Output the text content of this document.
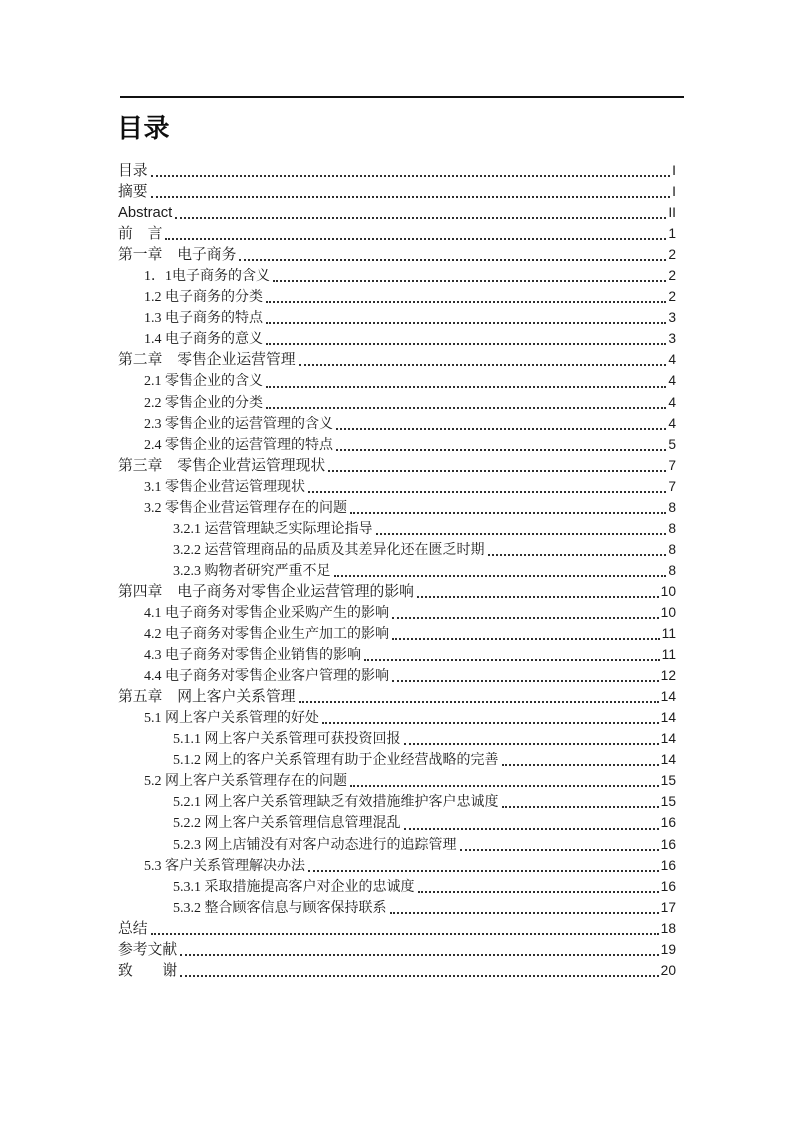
目录
目录	I
摘要	I
Abstract	II
前　言	1
第一章　电子商务	2
1．1电子商务的含义	2
1.2 电子商务的分类	2
1.3 电子商务的特点	3
1.4 电子商务的意义	3
第二章　零售企业运营管理	4
2.1 零售企业的含义	4
2.2 零售企业的分类	4
2.3 零售企业的运营管理的含义	4
2.4 零售企业的运营管理的特点	5
第三章　零售企业营运管理现状	7
3.1 零售企业营运管理现状	7
3.2 零售企业营运管理存在的问题	8
3.2.1 运营管理缺乏实际理论指导	8
3.2.2 运营管理商品的品质及其差异化还在匮乏时期	8
3.2.3 购物者研究严重不足	8
第四章　电子商务对零售企业运营管理的影响	10
4.1 电子商务对零售企业采购产生的影响	10
4.2 电子商务对零售企业生产加工的影响	11
4.3 电子商务对零售企业销售的影响	11
4.4 电子商务对零售企业客户管理的影响	12
第五章　网上客户关系管理	14
5.1 网上客户关系管理的好处	14
5.1.1 网上客户关系管理可获投资回报	14
5.1.2 网上的客户关系管理有助于企业经营战略的完善	14
5.2 网上客户关系管理存在的问题	15
5.2.1 网上客户关系管理缺乏有效措施维护客户忠诚度	15
5.2.2 网上客户关系管理信息管理混乱	16
5.2.3 网上店铺没有对客户动态进行的追踪管理	16
5.3 客户关系管理解决办法	16
5.3.1 采取措施提高客户对企业的忠诚度	16
5.3.2 整合顾客信息与顾客保持联系	17
总结	18
参考文献	19
致　　谢	20
